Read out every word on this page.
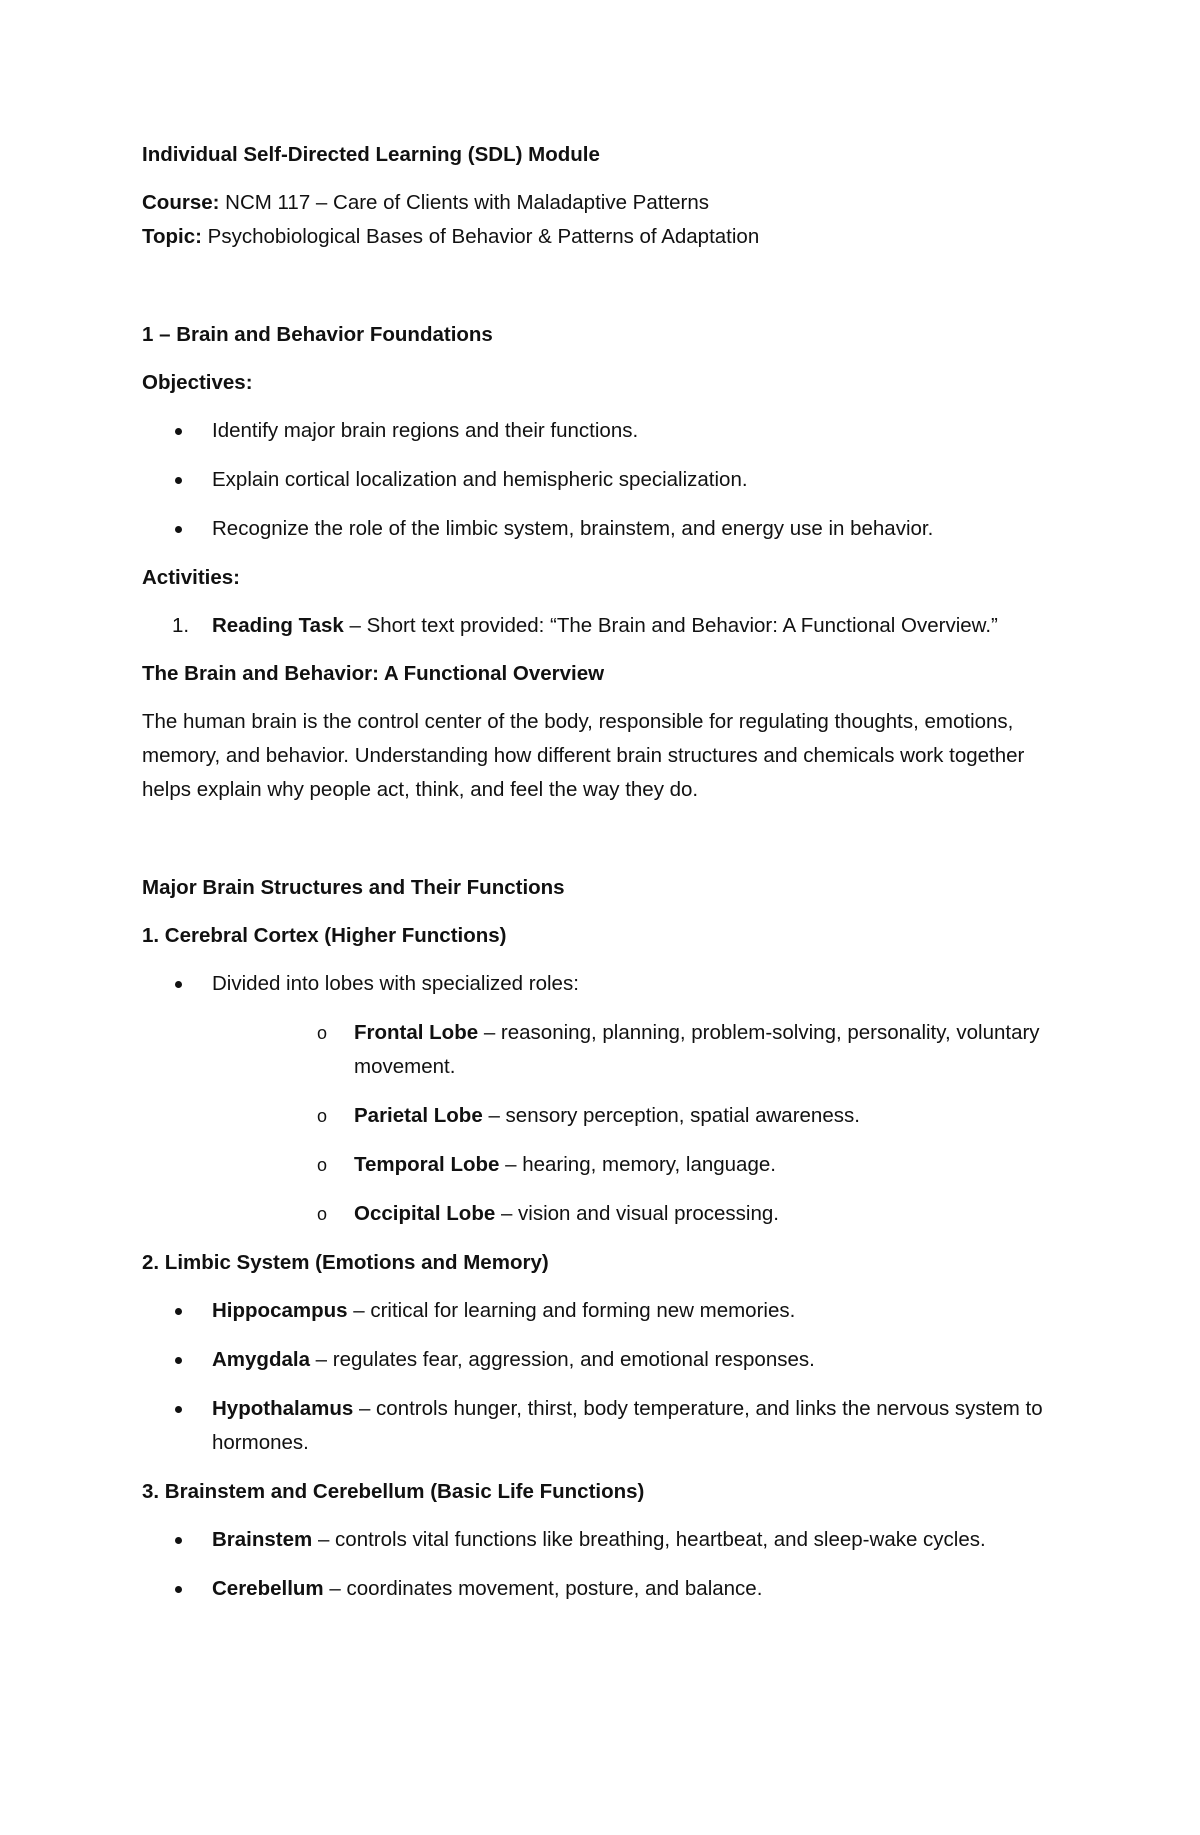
Individual Self-Directed Learning (SDL) Module

Course: NCM 117 – Care of Clients with Maladaptive Patterns

Topic: Psychobiological Bases of Behavior & Patterns of Adaptation

1 – Brain and Behavior Foundations

Objectives:

Identify major brain regions and their functions.
Explain cortical localization and hemispheric specialization.
Recognize the role of the limbic system, brainstem, and energy use in behavior.

Activities:

1. Reading Task – Short text provided: “The Brain and Behavior: A Functional Overview.”

The Brain and Behavior: A Functional Overview

The human brain is the control center of the body, responsible for regulating thoughts, emotions, memory, and behavior. Understanding how different brain structures and chemicals work together helps explain why people act, think, and feel the way they do.

Major Brain Structures and Their Functions

1. Cerebral Cortex (Higher Functions)

Divided into lobes with specialized roles:
o Frontal Lobe – reasoning, planning, problem-solving, personality, voluntary movement.
o Parietal Lobe – sensory perception, spatial awareness.
o Temporal Lobe – hearing, memory, language.
o Occipital Lobe – vision and visual processing.

2. Limbic System (Emotions and Memory)

Hippocampus – critical for learning and forming new memories.
Amygdala – regulates fear, aggression, and emotional responses.
Hypothalamus – controls hunger, thirst, body temperature, and links the nervous system to hormones.

3. Brainstem and Cerebellum (Basic Life Functions)

Brainstem – controls vital functions like breathing, heartbeat, and sleep-wake cycles.
Cerebellum – coordinates movement, posture, and balance.
